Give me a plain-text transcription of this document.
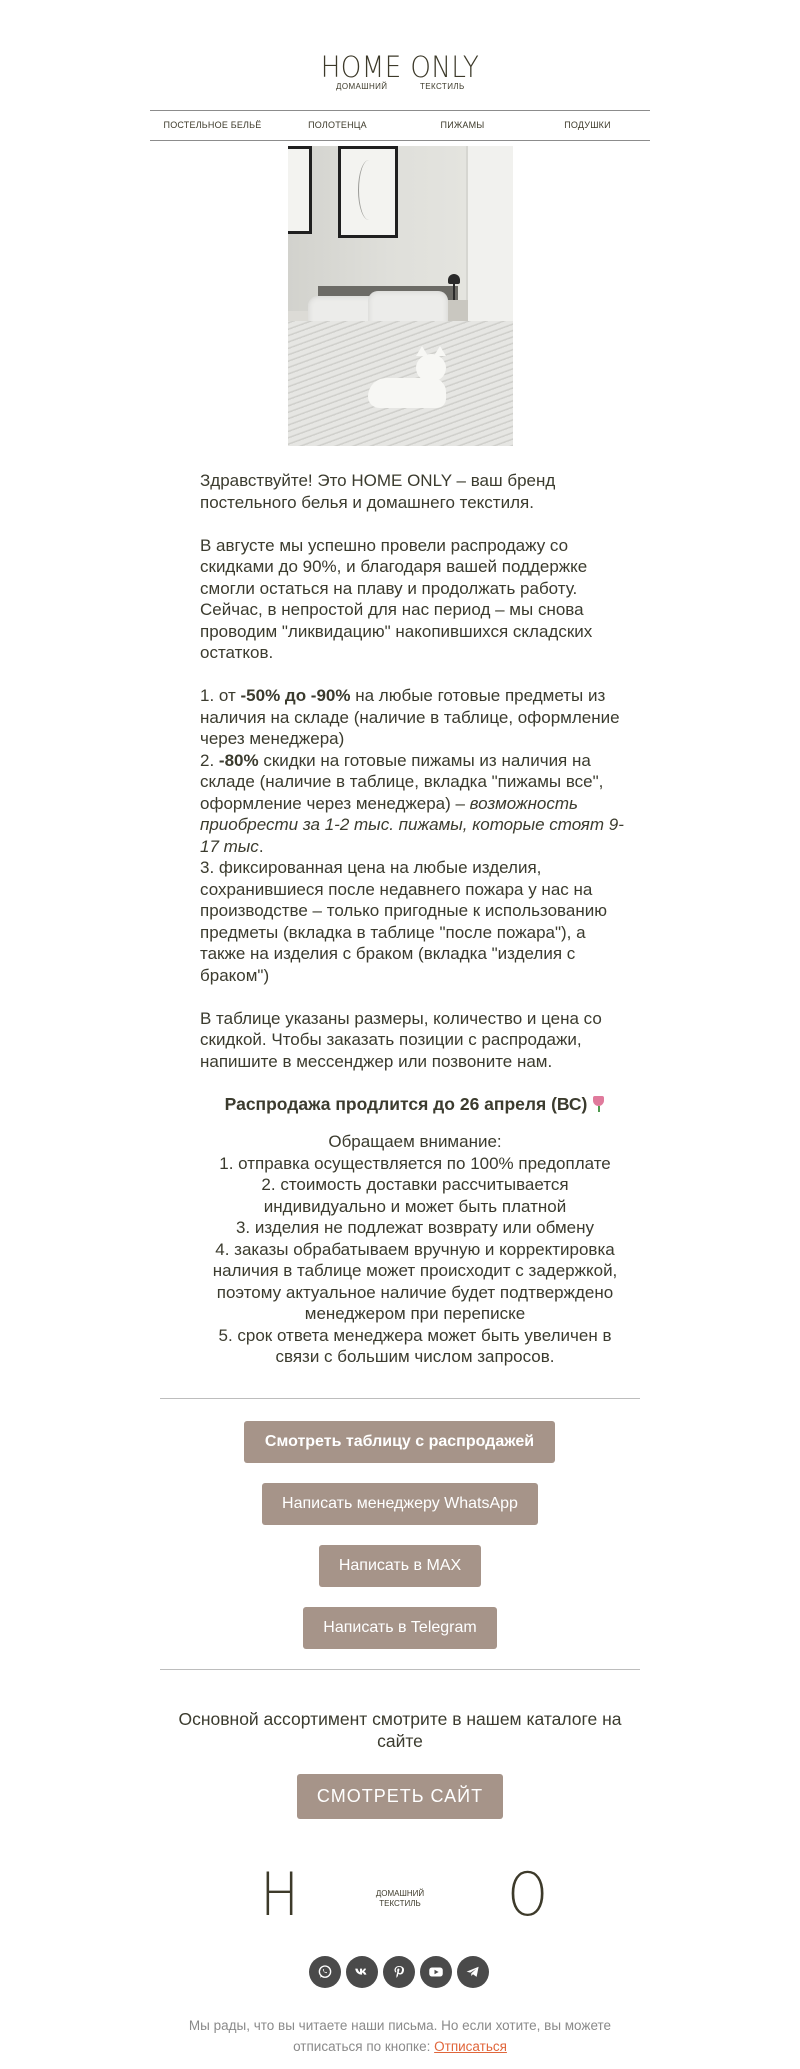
HOME ONLY
ДОМАШНИЙ	ТЕКСТИЛЬ
ПОСТЕЛЬНОЕ БЕЛЬЁ	ПОЛОТЕНЦА	ПИЖАМЫ	ПОДУШКИ

Здравствуйте! Это HOME ONLY – ваш бренд постельного белья и домашнего текстиля.

В августе мы успешно провели распродажу со скидками до 90%, и благодаря вашей поддержке смогли остаться на плаву и продолжать работу. Сейчас, в непростой для нас период – мы снова проводим "ликвидацию" накопившихся складских остатков.

1. от -50% до -90% на любые готовые предметы из наличия на складе (наличие в таблице, оформление через менеджера)

2. -80% скидки на готовые пижамы из наличия на складе (наличие в таблице, вкладка "пижамы все", оформление через менеджера) – возможность приобрести за 1-2 тыс. пижамы, которые стоят 9-17 тыс.

3. фиксированная цена на любые изделия, сохранившиеся после недавнего пожара у нас на производстве – только пригодные к использованию предметы (вкладка в таблице "после пожара"), а также на изделия с браком (вкладка "изделия с браком")

В таблице указаны размеры, количество и цена со скидкой. Чтобы заказать позиции с распродажи, напишите в мессенджер или позвоните нам.

Распродажа продлится до 26 апреля (ВС)

Обращаем внимание:

1. отправка осуществляется по 100% предоплате

2. стоимость доставки рассчитывается индивидуально и может быть платной

3. изделия не подлежат возврату или обмену

4. заказы обрабатываем вручную и корректировка наличия в таблице может происходит с задержкой, поэтому актуальное наличие будет подтверждено менеджером при переписке

5. срок ответа менеджера может быть увеличен в связи с большим числом запросов.

Смотреть таблицу с распродажей
Написать менеджеру WhatsApp
Написать в MAX
Написать в Telegram

Основной ассортимент смотрите в нашем каталоге на сайте

СМОТРЕТЬ САЙТ
H	ДОМАШНИЙ
ТЕКСТИЛЬ	O

Мы рады, что вы читаете наши письма. Но если хотите, вы можете отписаться по кнопке: Отписаться
